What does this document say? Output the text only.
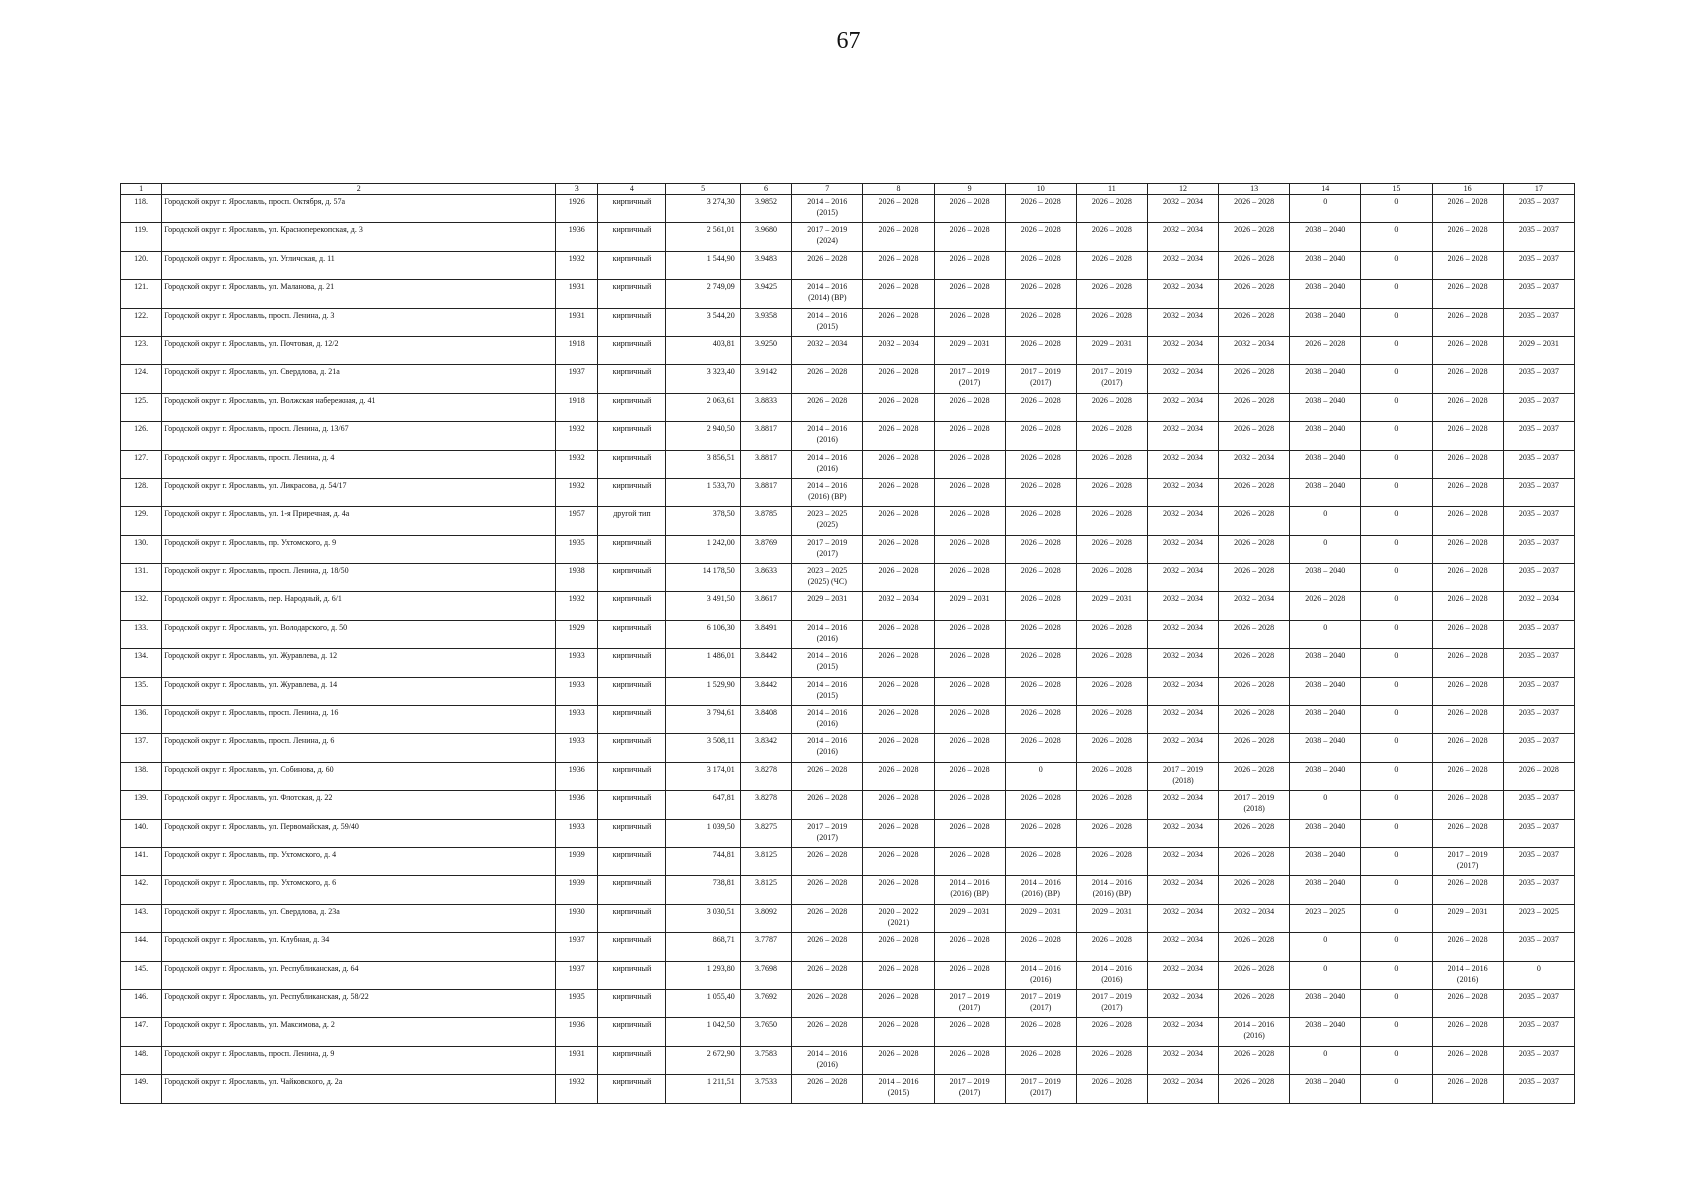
67
1	2	3	4	5	6	7	8	9	10	11	12	13	14	15	16	17
118.	Городской округ г. Ярославль, просп. Октября, д. 57а	1926	кирпичный	3 274,30	3.9852	2014 – 2016
(2015)	2026 – 2028	2026 – 2028	2026 – 2028	2026 – 2028	2032 – 2034	2026 – 2028	0	0	2026 – 2028	2035 – 2037
119.	Городской округ г. Ярославль, ул. Красноперекопская, д. 3	1936	кирпичный	2 561,01	3.9680	2017 – 2019
(2024)	2026 – 2028	2026 – 2028	2026 – 2028	2026 – 2028	2032 – 2034	2026 – 2028	2038 – 2040	0	2026 – 2028	2035 – 2037
120.	Городской округ г. Ярославль, ул. Угличская, д. 11	1932	кирпичный	1 544,90	3.9483	2026 – 2028	2026 – 2028	2026 – 2028	2026 – 2028	2026 – 2028	2032 – 2034	2026 – 2028	2038 – 2040	0	2026 – 2028	2035 – 2037
121.	Городской округ г. Ярославль, ул. Маланова, д. 21	1931	кирпичный	2 749,09	3.9425	2014 – 2016
(2014) (ВР)	2026 – 2028	2026 – 2028	2026 – 2028	2026 – 2028	2032 – 2034	2026 – 2028	2038 – 2040	0	2026 – 2028	2035 – 2037
122.	Городской округ г. Ярославль, просп. Ленина, д. 3	1931	кирпичный	3 544,20	3.9358	2014 – 2016
(2015)	2026 – 2028	2026 – 2028	2026 – 2028	2026 – 2028	2032 – 2034	2026 – 2028	2038 – 2040	0	2026 – 2028	2035 – 2037
123.	Городской округ г. Ярославль, ул. Почтовая, д. 12/2	1918	кирпичный	403,81	3.9250	2032 – 2034	2032 – 2034	2029 – 2031	2026 – 2028	2029 – 2031	2032 – 2034	2032 – 2034	2026 – 2028	0	2026 – 2028	2029 – 2031
124.	Городской округ г. Ярославль, ул. Свердлова, д. 21а	1937	кирпичный	3 323,40	3.9142	2026 – 2028	2026 – 2028	2017 – 2019
(2017)	2017 – 2019
(2017)	2017 – 2019
(2017)	2032 – 2034	2026 – 2028	2038 – 2040	0	2026 – 2028	2035 – 2037
125.	Городской округ г. Ярославль, ул. Волжская набережная, д. 41	1918	кирпичный	2 063,61	3.8833	2026 – 2028	2026 – 2028	2026 – 2028	2026 – 2028	2026 – 2028	2032 – 2034	2026 – 2028	2038 – 2040	0	2026 – 2028	2035 – 2037
126.	Городской округ г. Ярославль, просп. Ленина, д. 13/67	1932	кирпичный	2 940,50	3.8817	2014 – 2016
(2016)	2026 – 2028	2026 – 2028	2026 – 2028	2026 – 2028	2032 – 2034	2026 – 2028	2038 – 2040	0	2026 – 2028	2035 – 2037
127.	Городской округ г. Ярославль, просп. Ленина, д. 4	1932	кирпичный	3 856,51	3.8817	2014 – 2016
(2016)	2026 – 2028	2026 – 2028	2026 – 2028	2026 – 2028	2032 – 2034	2032 – 2034	2038 – 2040	0	2026 – 2028	2035 – 2037
128.	Городской округ г. Ярославль, ул. Ликрасова, д. 54/17	1932	кирпичный	1 533,70	3.8817	2014 – 2016
(2016) (ВР)	2026 – 2028	2026 – 2028	2026 – 2028	2026 – 2028	2032 – 2034	2026 – 2028	2038 – 2040	0	2026 – 2028	2035 – 2037
129.	Городской округ г. Ярославль, ул. 1-я Приречная, д. 4а	1957	другой тип	378,50	3.8785	2023 – 2025
(2025)	2026 – 2028	2026 – 2028	2026 – 2028	2026 – 2028	2032 – 2034	2026 – 2028	0	0	2026 – 2028	2035 – 2037
130.	Городской округ г. Ярославль, пр. Ухтомского, д. 9	1935	кирпичный	1 242,00	3.8769	2017 – 2019
(2017)	2026 – 2028	2026 – 2028	2026 – 2028	2026 – 2028	2032 – 2034	2026 – 2028	0	0	2026 – 2028	2035 – 2037
131.	Городской округ г. Ярославль, просп. Ленина, д. 18/50	1938	кирпичный	14 178,50	3.8633	2023 – 2025
(2025) (ЧС)	2026 – 2028	2026 – 2028	2026 – 2028	2026 – 2028	2032 – 2034	2026 – 2028	2038 – 2040	0	2026 – 2028	2035 – 2037
132.	Городской округ г. Ярославль, пер. Народный, д. 6/1	1932	кирпичный	3 491,50	3.8617	2029 – 2031	2032 – 2034	2029 – 2031	2026 – 2028	2029 – 2031	2032 – 2034	2032 – 2034	2026 – 2028	0	2026 – 2028	2032 – 2034
133.	Городской округ г. Ярославль, ул. Володарского, д. 50	1929	кирпичный	6 106,30	3.8491	2014 – 2016
(2016)	2026 – 2028	2026 – 2028	2026 – 2028	2026 – 2028	2032 – 2034	2026 – 2028	0	0	2026 – 2028	2035 – 2037
134.	Городской округ г. Ярославль, ул. Журавлева, д. 12	1933	кирпичный	1 486,01	3.8442	2014 – 2016
(2015)	2026 – 2028	2026 – 2028	2026 – 2028	2026 – 2028	2032 – 2034	2026 – 2028	2038 – 2040	0	2026 – 2028	2035 – 2037
135.	Городской округ г. Ярославль, ул. Журавлева, д. 14	1933	кирпичный	1 529,90	3.8442	2014 – 2016
(2015)	2026 – 2028	2026 – 2028	2026 – 2028	2026 – 2028	2032 – 2034	2026 – 2028	2038 – 2040	0	2026 – 2028	2035 – 2037
136.	Городской округ г. Ярославль, просп. Ленина, д. 16	1933	кирпичный	3 794,61	3.8408	2014 – 2016
(2016)	2026 – 2028	2026 – 2028	2026 – 2028	2026 – 2028	2032 – 2034	2026 – 2028	2038 – 2040	0	2026 – 2028	2035 – 2037
137.	Городской округ г. Ярославль, просп. Ленина, д. 6	1933	кирпичный	3 508,11	3.8342	2014 – 2016
(2016)	2026 – 2028	2026 – 2028	2026 – 2028	2026 – 2028	2032 – 2034	2026 – 2028	2038 – 2040	0	2026 – 2028	2035 – 2037
138.	Городской округ г. Ярославль, ул. Собинова, д. 60	1936	кирпичный	3 174,01	3.8278	2026 – 2028	2026 – 2028	2026 – 2028	0	2026 – 2028	2017 – 2019
(2018)	2026 – 2028	2038 – 2040	0	2026 – 2028	2026 – 2028
139.	Городской округ г. Ярославль, ул. Флотская, д. 22	1936	кирпичный	647,81	3.8278	2026 – 2028	2026 – 2028	2026 – 2028	2026 – 2028	2026 – 2028	2032 – 2034	2017 – 2019
(2018)	0	0	2026 – 2028	2035 – 2037
140.	Городской округ г. Ярославль, ул. Первомайская, д. 59/40	1933	кирпичный	1 039,50	3.8275	2017 – 2019
(2017)	2026 – 2028	2026 – 2028	2026 – 2028	2026 – 2028	2032 – 2034	2026 – 2028	2038 – 2040	0	2026 – 2028	2035 – 2037
141.	Городской округ г. Ярославль, пр. Ухтомского, д. 4	1939	кирпичный	744,81	3.8125	2026 – 2028	2026 – 2028	2026 – 2028	2026 – 2028	2026 – 2028	2032 – 2034	2026 – 2028	2038 – 2040	0	2017 – 2019
(2017)	2035 – 2037
142.	Городской округ г. Ярославль, пр. Ухтомского, д. 6	1939	кирпичный	738,81	3.8125	2026 – 2028	2026 – 2028	2014 – 2016
(2016) (ВР)	2014 – 2016
(2016) (ВР)	2014 – 2016
(2016) (ВР)	2032 – 2034	2026 – 2028	2038 – 2040	0	2026 – 2028	2035 – 2037
143.	Городской округ г. Ярославль, ул. Свердлова, д. 23а	1930	кирпичный	3 030,51	3.8092	2026 – 2028	2020 – 2022
(2021)	2029 – 2031	2029 – 2031	2029 – 2031	2032 – 2034	2032 – 2034	2023 – 2025	0	2029 – 2031	2023 – 2025
144.	Городской округ г. Ярославль, ул. Клубная, д. 34	1937	кирпичный	868,71	3.7787	2026 – 2028	2026 – 2028	2026 – 2028	2026 – 2028	2026 – 2028	2032 – 2034	2026 – 2028	0	0	2026 – 2028	2035 – 2037
145.	Городской округ г. Ярославль, ул. Республиканская, д. 64	1937	кирпичный	1 293,80	3.7698	2026 – 2028	2026 – 2028	2026 – 2028	2014 – 2016
(2016)	2014 – 2016
(2016)	2032 – 2034	2026 – 2028	0	0	2014 – 2016
(2016)	0
146.	Городской округ г. Ярославль, ул. Республиканская, д. 58/22	1935	кирпичный	1 055,40	3.7692	2026 – 2028	2026 – 2028	2017 – 2019
(2017)	2017 – 2019
(2017)	2017 – 2019
(2017)	2032 – 2034	2026 – 2028	2038 – 2040	0	2026 – 2028	2035 – 2037
147.	Городской округ г. Ярославль, ул. Максимова, д. 2	1936	кирпичный	1 042,50	3.7650	2026 – 2028	2026 – 2028	2026 – 2028	2026 – 2028	2026 – 2028	2032 – 2034	2014 – 2016
(2016)	2038 – 2040	0	2026 – 2028	2035 – 2037
148.	Городской округ г. Ярославль, просп. Ленина, д. 9	1931	кирпичный	2 672,90	3.7583	2014 – 2016
(2016)	2026 – 2028	2026 – 2028	2026 – 2028	2026 – 2028	2032 – 2034	2026 – 2028	0	0	2026 – 2028	2035 – 2037
149.	Городской округ г. Ярославль, ул. Чайковского, д. 2а	1932	кирпичный	1 211,51	3.7533	2026 – 2028	2014 – 2016
(2015)	2017 – 2019
(2017)	2017 – 2019
(2017)	2026 – 2028	2032 – 2034	2026 – 2028	2038 – 2040	0	2026 – 2028	2035 – 2037
